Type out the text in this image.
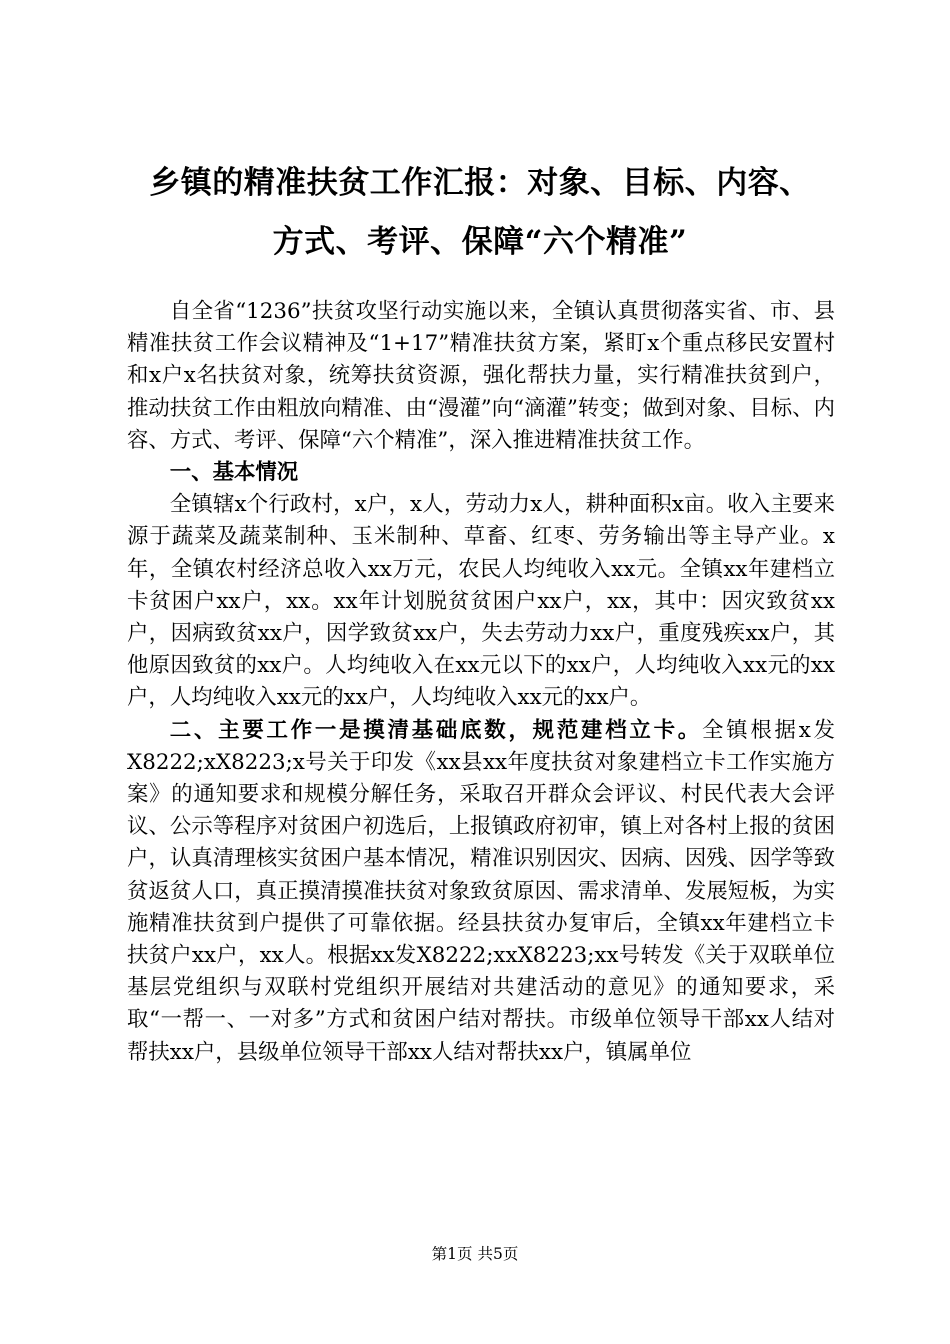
乡镇的精准扶贫工作汇报：对象、目标、内容、
方式、考评、保障“六个精准”

自全省“1236”扶贫攻坚行动实施以来，全镇认真贯彻落实省、市、县精准扶贫工作会议精神及“1+17”精准扶贫方案，紧盯x个重点移民安置村和x户x名扶贫对象，统筹扶贫资源，强化帮扶力量，实行精准扶贫到户，推动扶贫工作由粗放向精准、由“漫灌”向“滴灌”转变；做到对象、目标、内容、方式、考评、保障“六个精准”，深入推进精准扶贫工作。

一、基本情况

全镇辖x个行政村，x户，x人，劳动力x人，耕种面积x亩。收入主要来源于蔬菜及蔬菜制种、玉米制种、草畜、红枣、劳务输出等主导产业。x年，全镇农村经济总收入xx万元，农民人均纯收入xx元。全镇xx年建档立卡贫困户xx户，xx。xx年计划脱贫贫困户xx户，xx，其中：因灾致贫xx户，因病致贫xx户，因学致贫xx户，失去劳动力xx户，重度残疾xx户，其他原因致贫的xx户。人均纯收入在xx元以下的xx户，人均纯收入xx元的xx户，人均纯收入xx元的xx户，人均纯收入xx元的xx户。

二、主要工作一是摸清基础底数，规范建档立卡。全镇根据x发X8222;xX8223;x号关于印发《xx县xx年度扶贫对象建档立卡工作实施方案》的通知要求和规模分解任务，采取召开群众会评议、村民代表大会评议、公示等程序对贫困户初选后，上报镇政府初审，镇上对各村上报的贫困户，认真清理核实贫困户基本情况，精准识别因灾、因病、因残、因学等致贫返贫人口，真正摸清摸准扶贫对象致贫原因、需求清单、发展短板，为实施精准扶贫到户提供了可靠依据。经县扶贫办复审后，全镇xx年建档立卡扶贫户xx户，xx人。根据xx发X8222;xxX8223;xx号转发《关于双联单位基层党组织与双联村党组织开展结对共建活动的意见》的通知要求，采取“一帮一、一对多”方式和贫困户结对帮扶。市级单位领导干部xx人结对帮扶xx户，县级单位领导干部xx人结对帮扶xx户，镇属单位

第1页 共5页
